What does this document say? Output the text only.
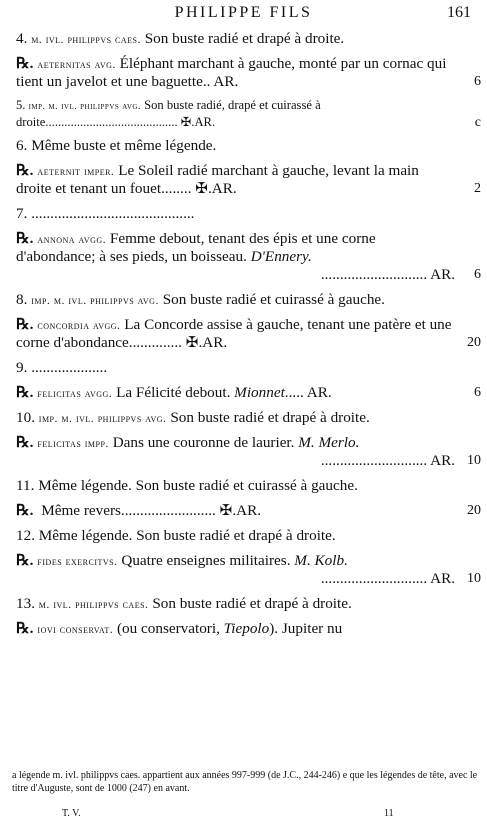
PHILIPPE FILS	161
4. m. ivl. philippvs caes. Son buste radié et drapé à droite.
℞. aeternitas avg. Éléphant marchant à gauche, monté par un cornac qui tient un javelot et une baguette.. AR.	6
5. imp. m. ivl. philippvs avg. Son buste radié, drapé et cuirassé à droite.......................................... ✠.AR.	c
6. Même buste et même légende.
℞. aeternit imper. Le Soleil radié marchant à gauche, levant la main droite et tenant un fouet........ ✠.AR.	2
7. ...........................................
℞. annona avgg. Femme debout, tenant des épis et une corne d'abondance; à ses pieds, un boisseau. D'Ennery.
............................ AR.	6
8. imp. m. ivl. philippvs avg. Son buste radié et cuirassé à gauche.
℞. concordia avgg. La Concorde assise à gauche, tenant une patère et une corne d'abondance.............. ✠.AR.	20
9. ....................
℞. felicitas avgg. La Félicité debout. Mionnet..... AR.	6
10. imp. m. ivl. philippvs avg. Son buste radié et drapé à droite.
℞. felicitas impp. Dans une couronne de laurier. M. Merlo.
............................ AR. 10
11. Même légende. Son buste radié et cuirassé à gauche.
℞. Même revers......................... ✠.AR.	20
12. Même légende. Son buste radié et drapé à droite.
℞. fides exercitvs. Quatre enseignes militaires. M. Kolb.
............................ AR. 10
13. m. ivl. philippvs caes. Son buste radié et drapé à droite.
℞. iovi conservat. (ou conservatori, Tiepolo). Jupiter nu
a légende m. ivl. philippvs caes. appartient aux années 997-999 (de J.C., 244-246) e que les légendes de tête, avec le titre d'Auguste, sont de 1000 (247) en avant.
T. V.	11
